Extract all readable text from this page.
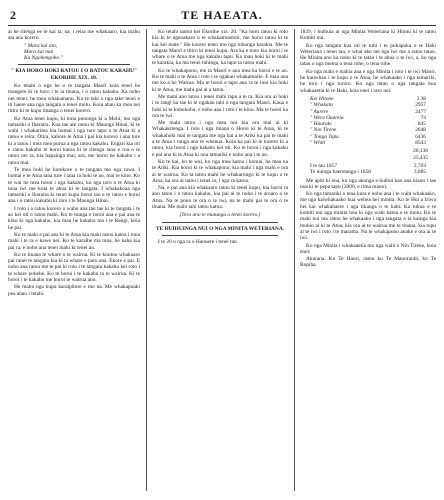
2	TE HAEATA.

ai he ritenga ee te kai ta, na, i reira me whakaaro, kia mahu ata ana korero.

" Mara kai ata,
Mara kai mai
Ka Ngohengohe."
" KIA HORO HOKI RATOU I O RATOU KARAHU" EKORIHE XIX. 10.

Ko tetahi o nga he o te tangata Maori koia tenei he mangere ki te horo i te ia tinana, i o ratou kakahu. Ka noho nei tenei; he mea whakamanu. Ko te tahi o nga take tenei e iti haere ana nga tangata o tenei motu. Koia ahau ka mea nei titiro ki te kupu tinanga o tenei korero.

Ko Atua tenei kupu, ki tona pononga ki a Mohi, mo nga tamariki o Iharaira. Kua tae ate ratou ki Maunga Hinai, ki te wahi i whakaritea kia homai i nga ture tapu o te Atua ki a ratou e reira. Otira, kahore te Atua i pai kia korero i ana ture ki a ratou i mea mea purua a nga ratou kakahu. Engari kia oti e ratou kakahu te horoi katoa ki te ritenga tana e roa o te ratou nei ra, kia hapainga mai, ara, me horoi he kakahu i a ratou mai.

Te mea hoki he horekore o te tangata mo nga rawa. I homai e te Atua tana ture i taua ra hoki te ao, mai te kino. Ko te wai he mea horoi i nga kakahu, ko nga toro o te Atua ki tona iwi me koia te ahua ki te tangata. I whakakoaa nga tamariki o Iharaira ki tenei kupu horoi tau e te ratou e horoi ana i o ratou kakahu ki raro i te Maunga Hinai.

I roto i a ratou korero o waho ana tau tae ki te tangata i te ao kei oti o ratou mahi. Ko te hunga e horoi ana e pai ana te kiko ki nga kakahu, kia mau he kakahu ma i te Rangi, koia he pai.

Ko te mahi e pai ana ki te Atua kia mahi ratou katoa i tona mahi i te ra e kawe nei. Ko te karaihe ma tona, he kaha kia pai ra, e noho ana tenei mahi ki tenei ao.

Ko te tinana te whare o te wairua. Ki te koutou whakaaro pai ranei te tangata kia ki ta whare e paru ana. Ekore e pai. E noho ana ratou me te pai ki roto i te tangata kakahu kei roto i te whare pohehe. Ko te horoi i te kakahu ta te wairua. Ki te horoi i te kakahu me horoi te wairua ano.

He mahu nga kupu karaipiture e mo na. Me whakapuaki pea ahau i tetahi.

Ko tetahi tautoi kei Ekorihe xix. 20. "Ka horo ratou ki roto kia ki te ngenakaro o te whakamoemiti, me horoi ratou ki te kai kei mate." He korero tenei mo nga tohunga karakia. Me te tangata Maori e titiro ki tenei kupu. Ara ka e tono kia horoi i te whare o te Atua me nga kakahu tapu. Ka mau hoki ki te mahi te karakia, ka ma tenei tuhinga, ka tapu ta ratou mahi.

Ko te whakapono, me ta Maori e ana mea ka horoi e te ao. Ko te mahi o te Atua i roto i te ngakau whakamarie. E mau ana me ko a he Wairua. Ma te horoi e tapu ana ra te inoi kia hoki ki te Atua, me mahi pai ai a tatou.

Me mahi ano tatou i tenei mahi tapu a te ra. Kia ora ai hoki i te rangi ka tae ki te ngakau tahi o nga tangata Maori. Kaua e hoki ki te kohukohu, e noho ana i roto i te kino. Ma te horoi ka ora te iwi.

Me mahi tatou i nga mea nui kia ora mai ai ki Whakakitenga. I roto i nga tinana o Horoi ki te Atua, ki te whakahoki mai te tangata me nga kai a te Ariki ka pai te mahi a te Atua i runga ano te whenua. Koia ka pai ki te korero ki a ratou, kia horoi i nga kakahu kei oti. Ko te horoi i nga kakahu e pai ana ki te Atua ki ona tamariki e noho ana i te ao.

Ko te kai, ko te wai, ko nga mea katoa i homai, he mea na te Ariki. Kia horoi ki te whakapono, kia mahi i nga mahi e ora ai te wairua. Ko ta tatou mahi he whakarongo ki te kupu o te Atua, ka ora ai tatou i tenei ra, i nga ra katoa.

Na, e pai ana kia whakaaro tatou ki tenei kupu, kia horoi ra ano tatou i o tatou kakahu, kia pai ai te noho i te aroaro o te Atua. Na te pono te ora o te iwi, na te mahi pai te ora o te tinana. Me mahi tahi tatou katoa.

(Tera ano te mutunga o tenei korero.)
TE HUIHUINGA NUI O NGA MINITA WETERIANA.

I te 20 o nga ra o Hanuere i tenei tau

1839, i huihuia ai nga Minita Weteriana ki Hitoni ki te ratou Komiti nui.

Ko nga tangata kua oti te tuhi i te pukapuka o te Hahi Weteriana i tenei tau, e whai ake nei nga iwi me a ratou tatau. He Minita ano ka noho ki te tatau i te ahua o te iwi, a, ko nga tatau o nga mema o tena rohe, o tena rohe.

Ko nga mahi e mahia ana e nga Minita i roto i te iwi Maori, he kauwhau i te kupu o te Atua, he whakaako i nga tamariki, he toro i nga turoro. Ko nga tatau o nga tangata kua whakaaetia ki te Hahi, koia enei i raro nei:

Kei Hitone	3 38
" Whakatu	2957
" Aurere	2477
" Wera Oaereia	74
" Hauraki	845
" Nin Tirene	2648
" Tonga Tapu	6436
" Whiti	8543
28,138
25,435
I te tau 1857	2,703
Te nuinga haeretanga i 1858	3,685

Me apiti ki ena, ko nga akonga e huihui kau ana kiano i tae noa ki te pepa tapu (2000, e rima mano).

Ko nga tamariki o tena kura e noho ana i te wahi whakaako, me nga kaiwhakaako kua wehea hei minita. Ko te Hui a Iriwa hei kai whakahaere i nga tikanga o te hahi. Ka tukua e te komiti nui nga minita hou ki nga wahi katoa o te motu. Ko te mahi nui ma ratou he whakaako i nga tangata o ia kainga kia mohio ai ki te Atua, kia ora ai te wairua me te tinana, kia tupu ai te iwi i roto i te marama. Na te whakapono anake e ora ai te iwi.

Ko nga Minita i whakaaetia mo nga wahi o Nin Tirene, koia enei:

Akarana. Ko Te Hauri, ratou ko Te Maunraubi, ko Te Ropiha.
